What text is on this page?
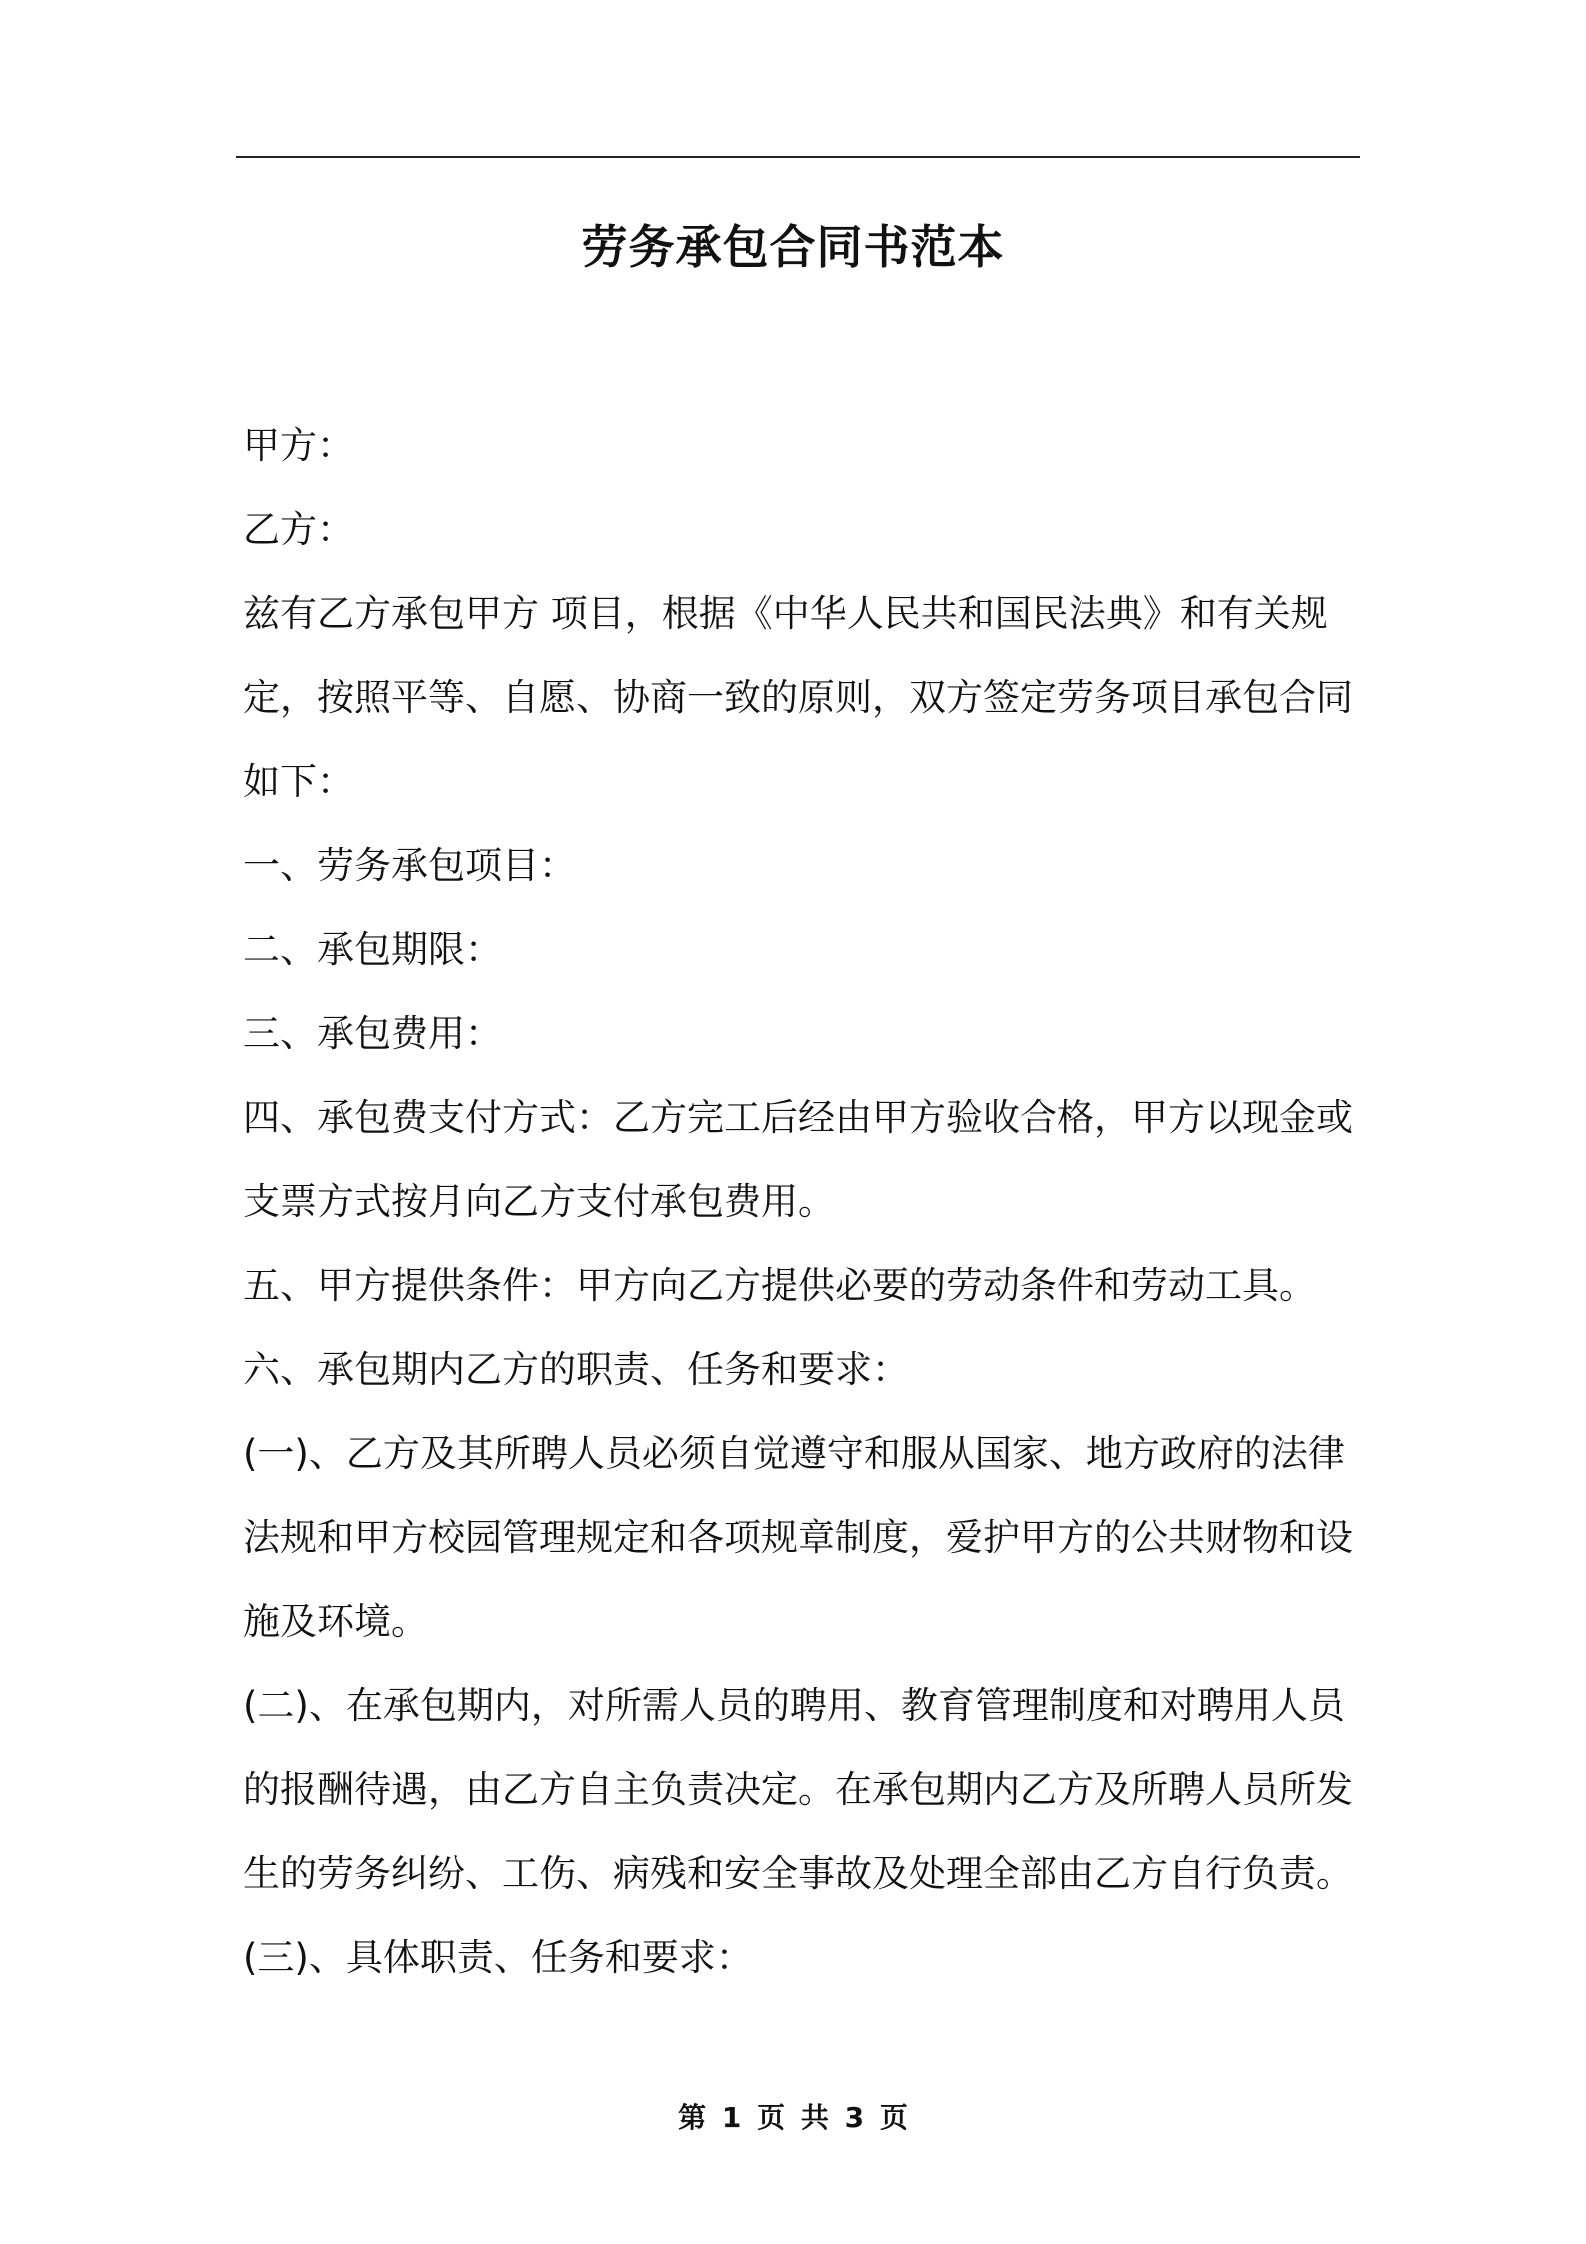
劳务承包合同书范本

甲方：

乙方：

兹有乙方承包甲方 项目，根据《中华人民共和国民法典》和有关规定，按照平等、自愿、协商一致的原则，双方签定劳务项目承包合同如下：

一、劳务承包项目：

二、承包期限：

三、承包费用：

四、承包费支付方式：乙方完工后经由甲方验收合格，甲方以现金或支票方式按月向乙方支付承包费用。

五、甲方提供条件：甲方向乙方提供必要的劳动条件和劳动工具。

六、承包期内乙方的职责、任务和要求：

(一)、乙方及其所聘人员必须自觉遵守和服从国家、地方政府的法律法规和甲方校园管理规定和各项规章制度，爱护甲方的公共财物和设施及环境。

(二)、在承包期内，对所需人员的聘用、教育管理制度和对聘用人员的报酬待遇，由乙方自主负责决定。在承包期内乙方及所聘人员所发生的劳务纠纷、工伤、病残和安全事故及处理全部由乙方自行负责。

(三)、具体职责、任务和要求：

第 1 页 共 3 页
